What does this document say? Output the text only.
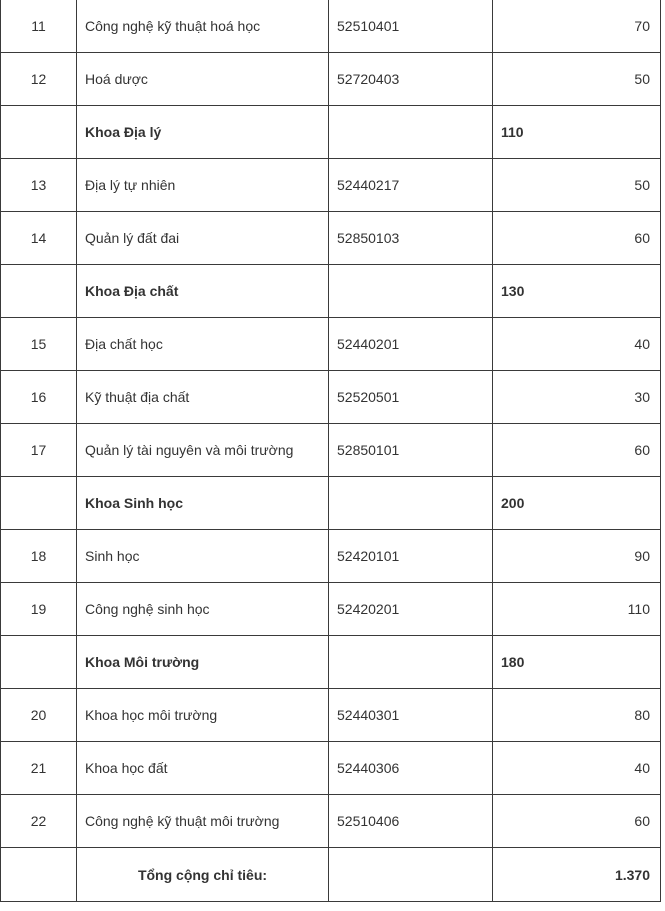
11	Công nghệ kỹ thuật hoá học	52510401	70
12	Hoá dược	52720403	50
	Khoa Địa lý		110
13	Địa lý tự nhiên	52440217	50
14	Quản lý đất đai	52850103	60
	Khoa Địa chất		130
15	Địa chất học	52440201	40
16	Kỹ thuật địa chất	52520501	30
17	Quản lý tài nguyên và môi trường	52850101	60
	Khoa Sinh học		200
18	Sinh học	52420101	90
19	Công nghệ sinh học	52420201	110
	Khoa Môi trường		180
20	Khoa học môi trường	52440301	80
21	Khoa học đất	52440306	40
22	Công nghệ kỹ thuật môi trường	52510406	60
	Tổng cộng chỉ tiêu:		1.370
